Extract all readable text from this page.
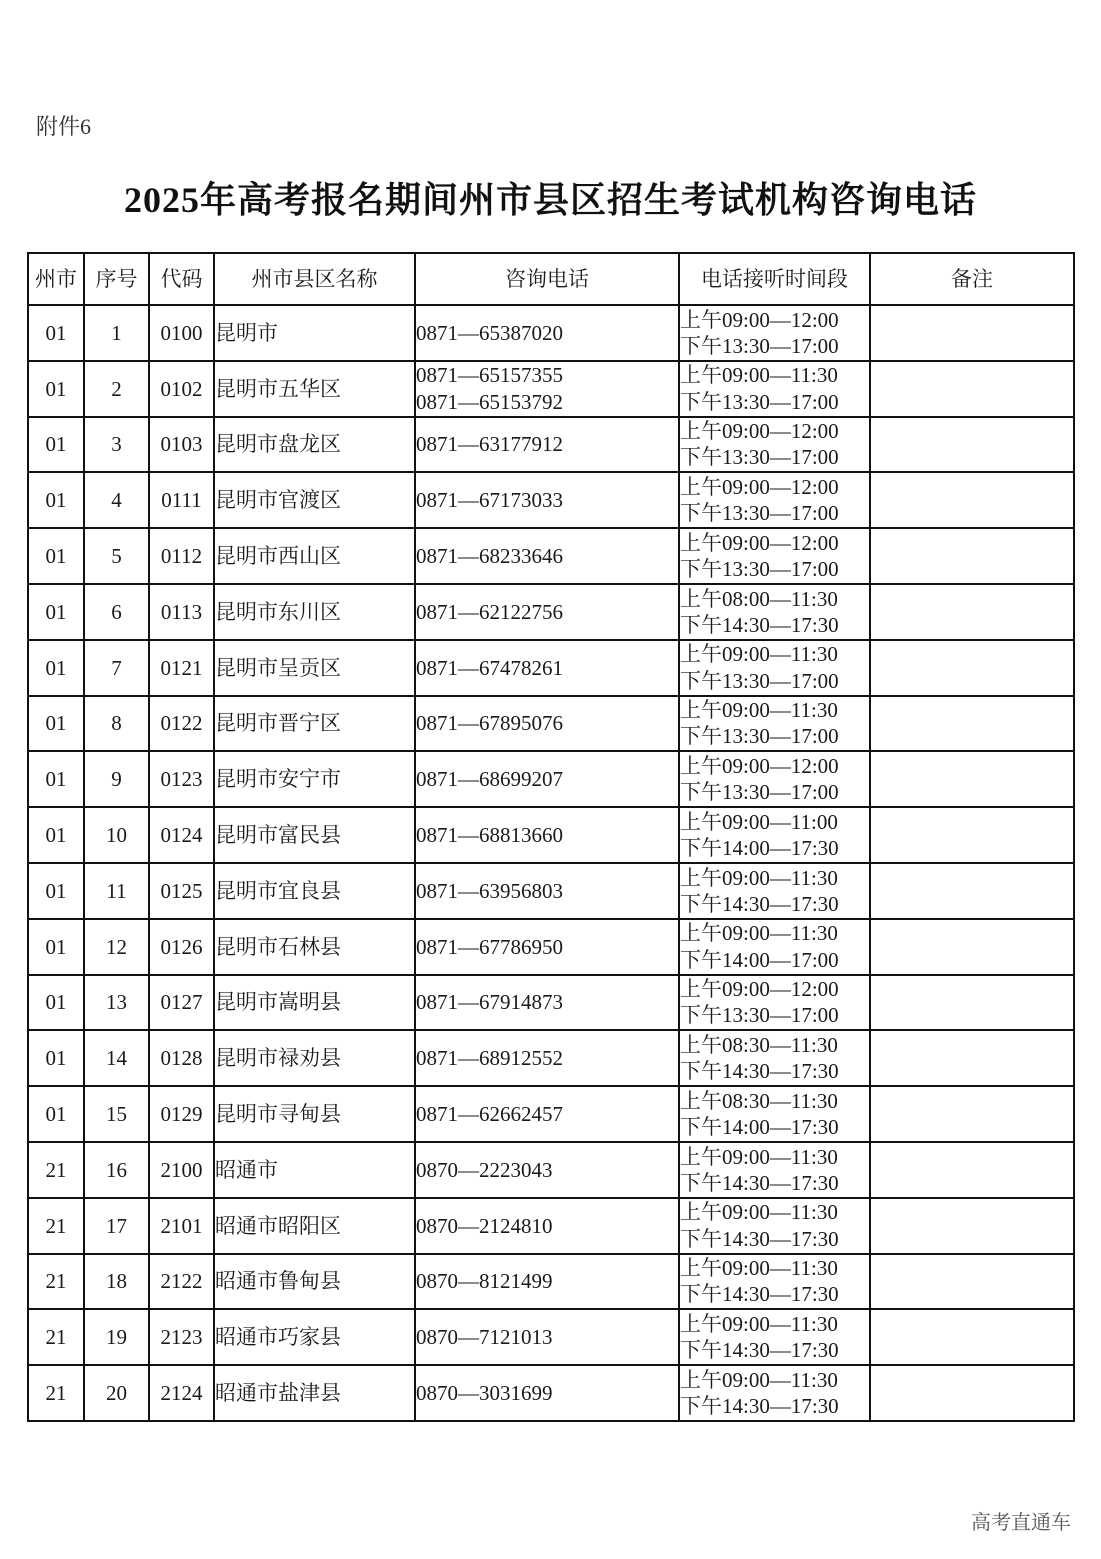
附件6
2025年高考报名期间州市县区招生考试机构咨询电话
州市	序号	代码	州市县区名称	咨询电话	电话接听时间段	备注
01	1	0100	昆明市	0871—65387020	上午09:00—12:00
下午13:30—17:00	

01	2	0102	昆明市五华区	0871—65157355
0871—65153792	上午09:00—11:30
下午13:30—17:00	

01	3	0103	昆明市盘龙区	0871—63177912	上午09:00—12:00
下午13:30—17:00	

01	4	0111	昆明市官渡区	0871—67173033	上午09:00—12:00
下午13:30—17:00	

01	5	0112	昆明市西山区	0871—68233646	上午09:00—12:00
下午13:30—17:00	

01	6	0113	昆明市东川区	0871—62122756	上午08:00—11:30
下午14:30—17:30	

01	7	0121	昆明市呈贡区	0871—67478261	上午09:00—11:30
下午13:30—17:00	

01	8	0122	昆明市晋宁区	0871—67895076	上午09:00—11:30
下午13:30—17:00	

01	9	0123	昆明市安宁市	0871—68699207	上午09:00—12:00
下午13:30—17:00	

01	10	0124	昆明市富民县	0871—68813660	上午09:00—11:00
下午14:00—17:30	

01	11	0125	昆明市宜良县	0871—63956803	上午09:00—11:30
下午14:30—17:30	

01	12	0126	昆明市石林县	0871—67786950	上午09:00—11:30
下午14:00—17:00	

01	13	0127	昆明市嵩明县	0871—67914873	上午09:00—12:00
下午13:30—17:00	

01	14	0128	昆明市禄劝县	0871—68912552	上午08:30—11:30
下午14:30—17:30	

01	15	0129	昆明市寻甸县	0871—62662457	上午08:30—11:30
下午14:00—17:30	

21	16	2100	昭通市	0870—2223043	上午09:00—11:30
下午14:30—17:30	

21	17	2101	昭通市昭阳区	0870—2124810	上午09:00—11:30
下午14:30—17:30	

21	18	2122	昭通市鲁甸县	0870—8121499	上午09:00—11:30
下午14:30—17:30	

21	19	2123	昭通市巧家县	0870—7121013	上午09:00—11:30
下午14:30—17:30	

21	20	2124	昭通市盐津县	0870—3031699	上午09:00—11:30
下午14:30—17:30	

高考直通车
